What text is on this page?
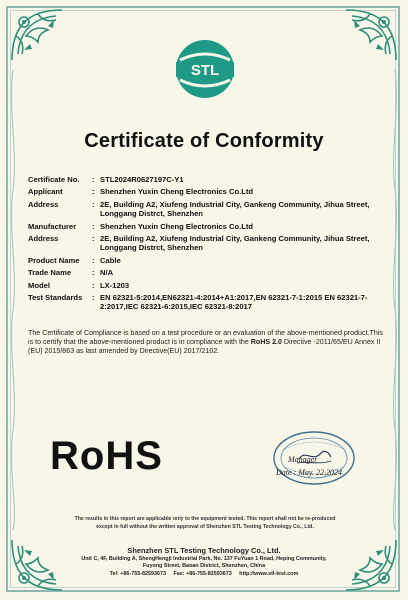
STL
Certificate of Conformity
Certificate No.	: STL2024R0627197C-Y1
Applicant	: Shenzhen Yuxin Cheng Electronics Co.Ltd
Address	: 2E, Building A2, Xiufeng Industrial City, Gankeng Community, Jihua Street, Longgang Distrct, Shenzhen
Manufacturer	: Shenzhen Yuxin Cheng Electronics Co.Ltd
Address	: 2E, Building A2, Xiufeng Industrial City, Gankeng Community, Jihua Street, Longgang Distrct, Shenzhen
Product Name	: Cable
Trade Name	: N/A
Model	: LX-1203
Test Standards	: EN 62321-5:2014,EN62321-4:2014+A1:2017,EN 62321-7-1:2015 EN 62321-7-2:2017,IEC 62321-6:2015,IEC 62321-8:2017
The Certificate of Compliance is based on a test procedure or an evaluation of the above-mentioned product.This is to certify that the above-mentioned product is in compliance with the RoHS 2.0 Directive -2011/65/EU Annex II (EU) 2015/863 as last amended by Directive(EU) 2017/2102.
RoHS	Manager
Date : May. 22,2024
The results in this report are applicable only to the equipment tested. This report shall not be re-produced
except in full without the written approval of Shenzhen STL Testing Technology Co., Ltd.
Shenzhen STL Testing Technology Co., Ltd.
Unit C, 4F, Building A, ShengHengji Industrial Park, No. 137 FuYuan 1 Road, Heping Community,
Fuyong Street, Baoan District, Shenzhen, China
Tel: +86-755-82593673 Fax: +86-755-82593673 http://www.stl-test.com
